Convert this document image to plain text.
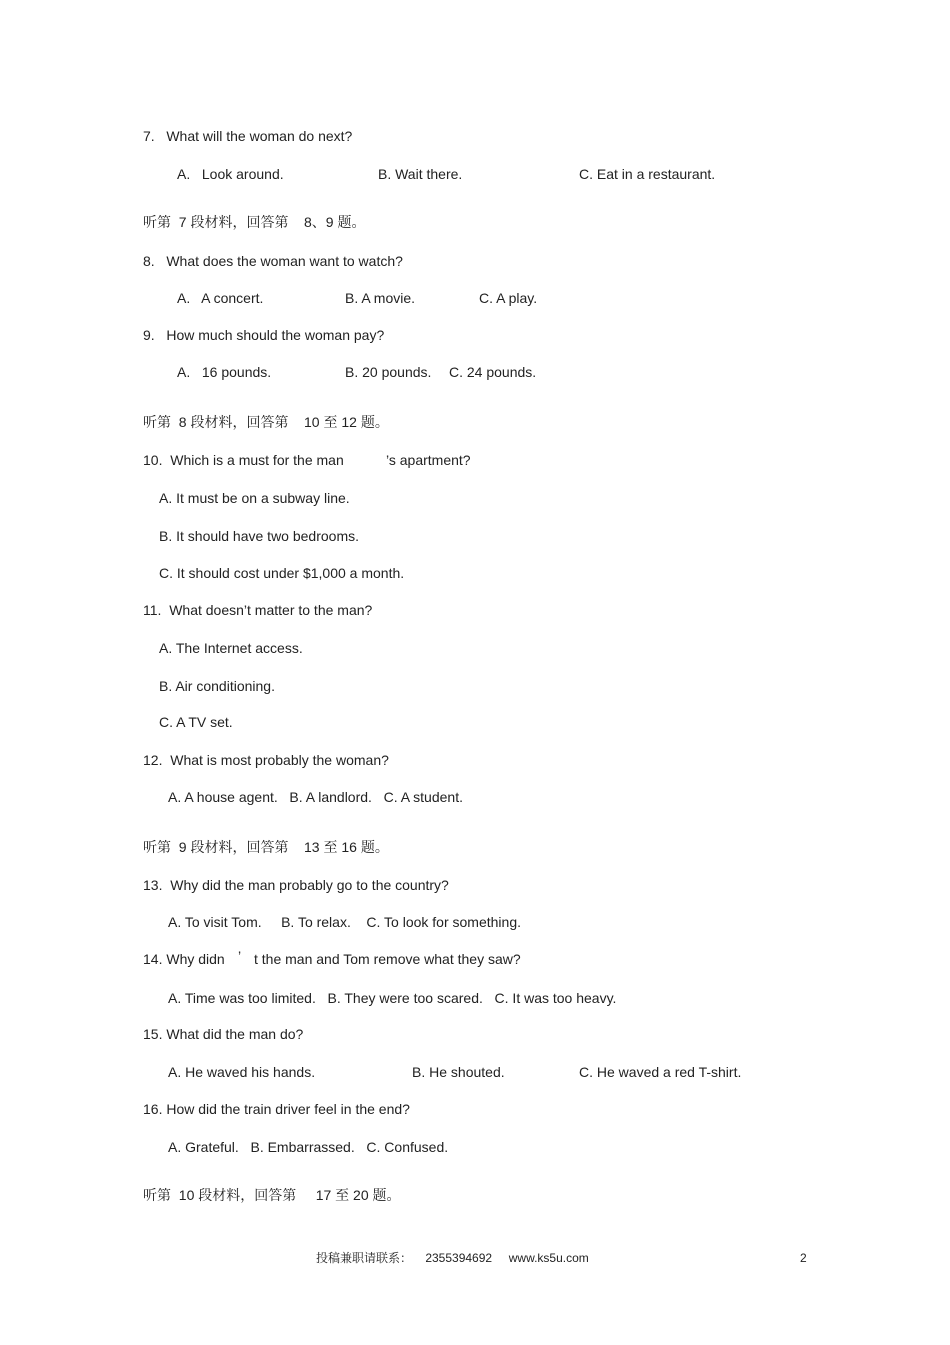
7.   What will the woman do next?
A.   Look around.	B. Wait there.	C. Eat in a restaurant.
听第  7 段材料，回答第    8、9 题。
8.   What does the woman want to watch?
A.   A concert.	B. A movie.	C. A play.
9.   How much should the woman pay?
A.   16 pounds.	B. 20 pounds. C. 24 pounds.
听第  8 段材料，回答第    10 至 12 题。
10.  Which is a must for the man	’s apartment?
A. It must be on a subway line.
B. It should have two bedrooms.
C. It should cost under $1,000 a month.
11.  What doesn’t matter to the man?
A. The Internet access.
B. Air conditioning.
C. A TV set.
12.  What is most probably the woman?
A. A house agent.   B. A landlord.   C. A student.
听第  9 段材料，回答第    13 至 16 题。
13.  Why did the man probably go to the country?
A. To visit Tom.     B. To relax.    C. To look for something.
14. Why didn ’ t the man and Tom remove what they saw?
A. Time was too limited.   B. They were too scared.   C. It was too heavy.
15. What did the man do?
A. He waved his hands.	B. He shouted.	C. He waved a red T-shirt.
16. How did the train driver feel in the end?
A. Grateful.   B. Embarrassed.   C. Confused.
听第  10 段材料，回答第     17 至 20 题。
投稿兼职请联系：    2355394692     www.ks5u.com	2
